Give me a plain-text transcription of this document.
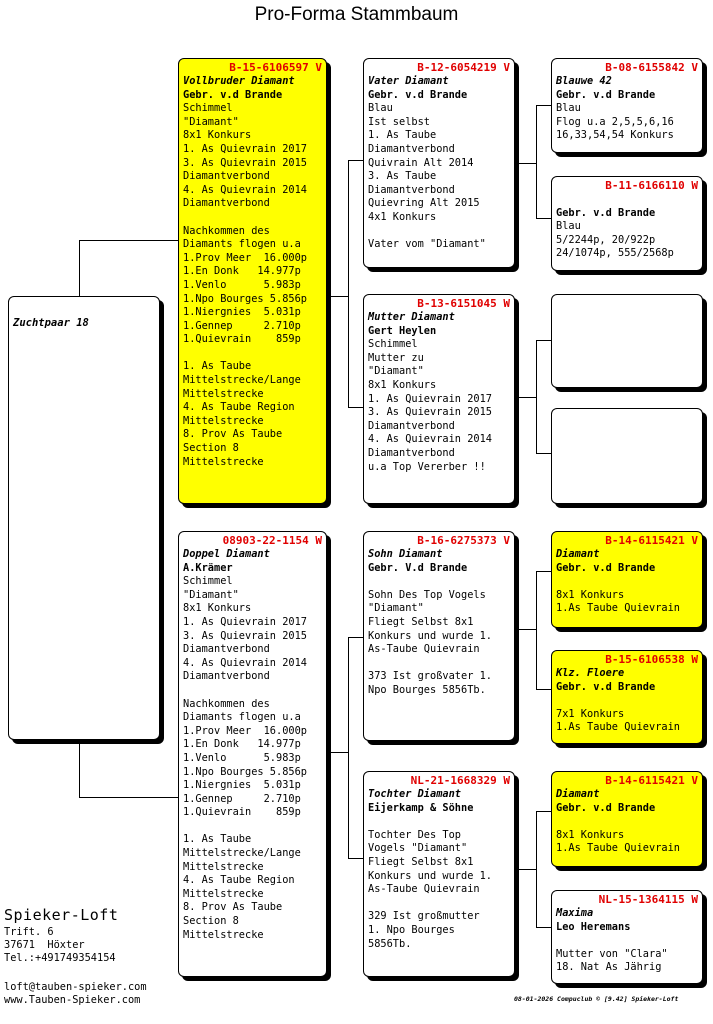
Pro-Forma Stammbaum
Zuchtpaar 18
B-15-6106597 V
Vollbruder Diamant
Gebr. v.d Brande
Schimmel
"Diamant"
8x1 Konkurs
1. As Quievrain 2017
3. As Quievrain 2015
Diamantverbond
4. As Quievrain 2014
Diamantverbond

Nachkommen des
Diamants flogen u.a
1.Prov Meer  16.000p
1.En Donk   14.977p
1.Venlo      5.983p
1.Npo Bourges 5.856p
1.Niergnies  5.031p
1.Gennep     2.710p
1.Quievrain    859p

1. As Taube
Mittelstrecke/Lange
Mittelstrecke
4. As Taube Region
Mittelstrecke
8. Prov As Taube
Section 8
Mittelstrecke
08903-22-1154 W
Doppel Diamant
A.Krämer
Schimmel
"Diamant"
8x1 Konkurs
1. As Quievrain 2017
3. As Quievrain 2015
Diamantverbond
4. As Quievrain 2014
Diamantverbond

Nachkommen des
Diamants flogen u.a
1.Prov Meer  16.000p
1.En Donk   14.977p
1.Venlo      5.983p
1.Npo Bourges 5.856p
1.Niergnies  5.031p
1.Gennep     2.710p
1.Quievrain    859p

1. As Taube
Mittelstrecke/Lange
Mittelstrecke
4. As Taube Region
Mittelstrecke
8. Prov As Taube
Section 8
Mittelstrecke
B-12-6054219 V
Vater Diamant
Gebr. v.d Brande
Blau
Ist selbst
1. As Taube
Diamantverbond
Quivrain Alt 2014
3. As Taube
Diamantverbond
Quievring Alt 2015
4x1 Konkurs

Vater vom "Diamant"
B-13-6151045 W
Mutter Diamant
Gert Heylen
Schimmel
Mutter zu
"Diamant"
8x1 Konkurs
1. As Quievrain 2017
3. As Quievrain 2015
Diamantverbond
4. As Quievrain 2014
Diamantverbond
u.a Top Vererber !!
B-16-6275373 V
Sohn Diamant
Gebr. V.d Brande

Sohn Des Top Vogels
"Diamant"
Fliegt Selbst 8x1
Konkurs und wurde 1.
As-Taube Quievrain

373 Ist großvater 1.
Npo Bourges 5856Tb.
NL-21-1668329 W
Tochter Diamant
Eijerkamp & Söhne

Tochter Des Top
Vogels "Diamant"
Fliegt Selbst 8x1
Konkurs und wurde 1.
As-Taube Quievrain

329 Ist großmutter
1. Npo Bourges
5856Tb.
B-08-6155842 V
Blauwe 42
Gebr. v.d Brande
Blau
Flog u.a 2,5,5,6,16
16,33,54,54 Konkurs
B-11-6166110 W
Gebr. v.d Brande
Blau
5/2244p, 20/922p
24/1074p, 555/2568p
B-14-6115421 V
Diamant
Gebr. v.d Brande

8x1 Konkurs
1.As Taube Quievrain
B-15-6106538 W
Klz. Floere
Gebr. v.d Brande

7x1 Konkurs
1.As Taube Quievrain
B-14-6115421 V
Diamant
Gebr. v.d Brande

8x1 Konkurs
1.As Taube Quievrain
NL-15-1364115 W
Maxima
Leo Heremans

Mutter von "Clara"
18. Nat As Jährig
Spieker-Loft
Trift. 6
37671  Höxter
Tel.:+491749354154
loft@tauben-spieker.com
www.Tauben-Spieker.com	08-01-2026 Compuclub © [9.42] Spieker-Loft
